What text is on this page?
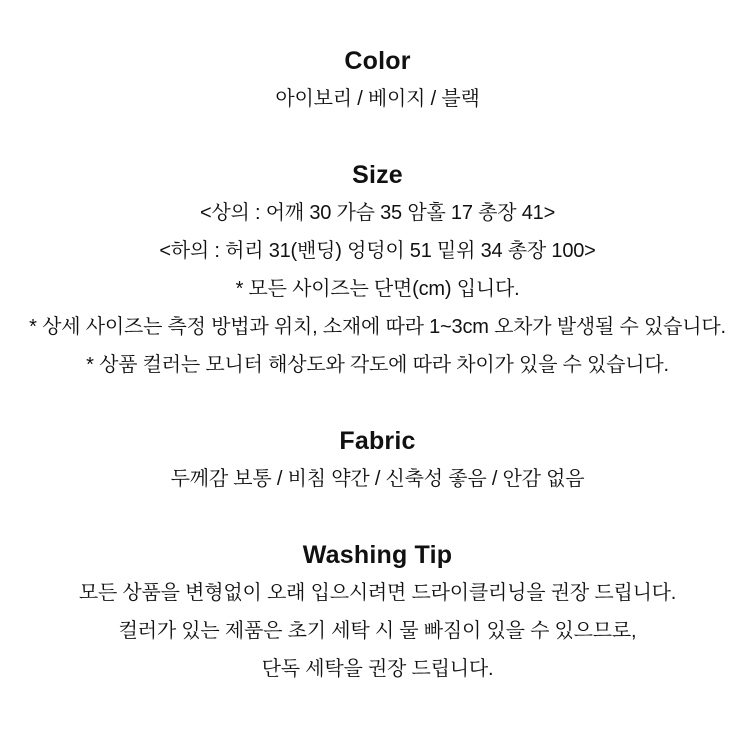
Color

아이보리 / 베이지 / 블랙

Size

<상의 : 어깨 30 가슴 35 암홀 17 총장 41>

<하의 : 허리 31(밴딩) 엉덩이 51 밑위 34 총장 100>

* 모든 사이즈는 단면(cm) 입니다.

* 상세 사이즈는 측정 방법과 위치, 소재에 따라 1~3cm 오차가 발생될 수 있습니다.

* 상품 컬러는 모니터 해상도와 각도에 따라 차이가 있을 수 있습니다.

Fabric

두께감 보통 / 비침 약간 / 신축성 좋음 / 안감 없음

Washing Tip

모든 상품을 변형없이 오래 입으시려면 드라이클리닝을 권장 드립니다.

컬러가 있는 제품은 초기 세탁 시 물 빠짐이 있을 수 있으므로,

단독 세탁을 권장 드립니다.
